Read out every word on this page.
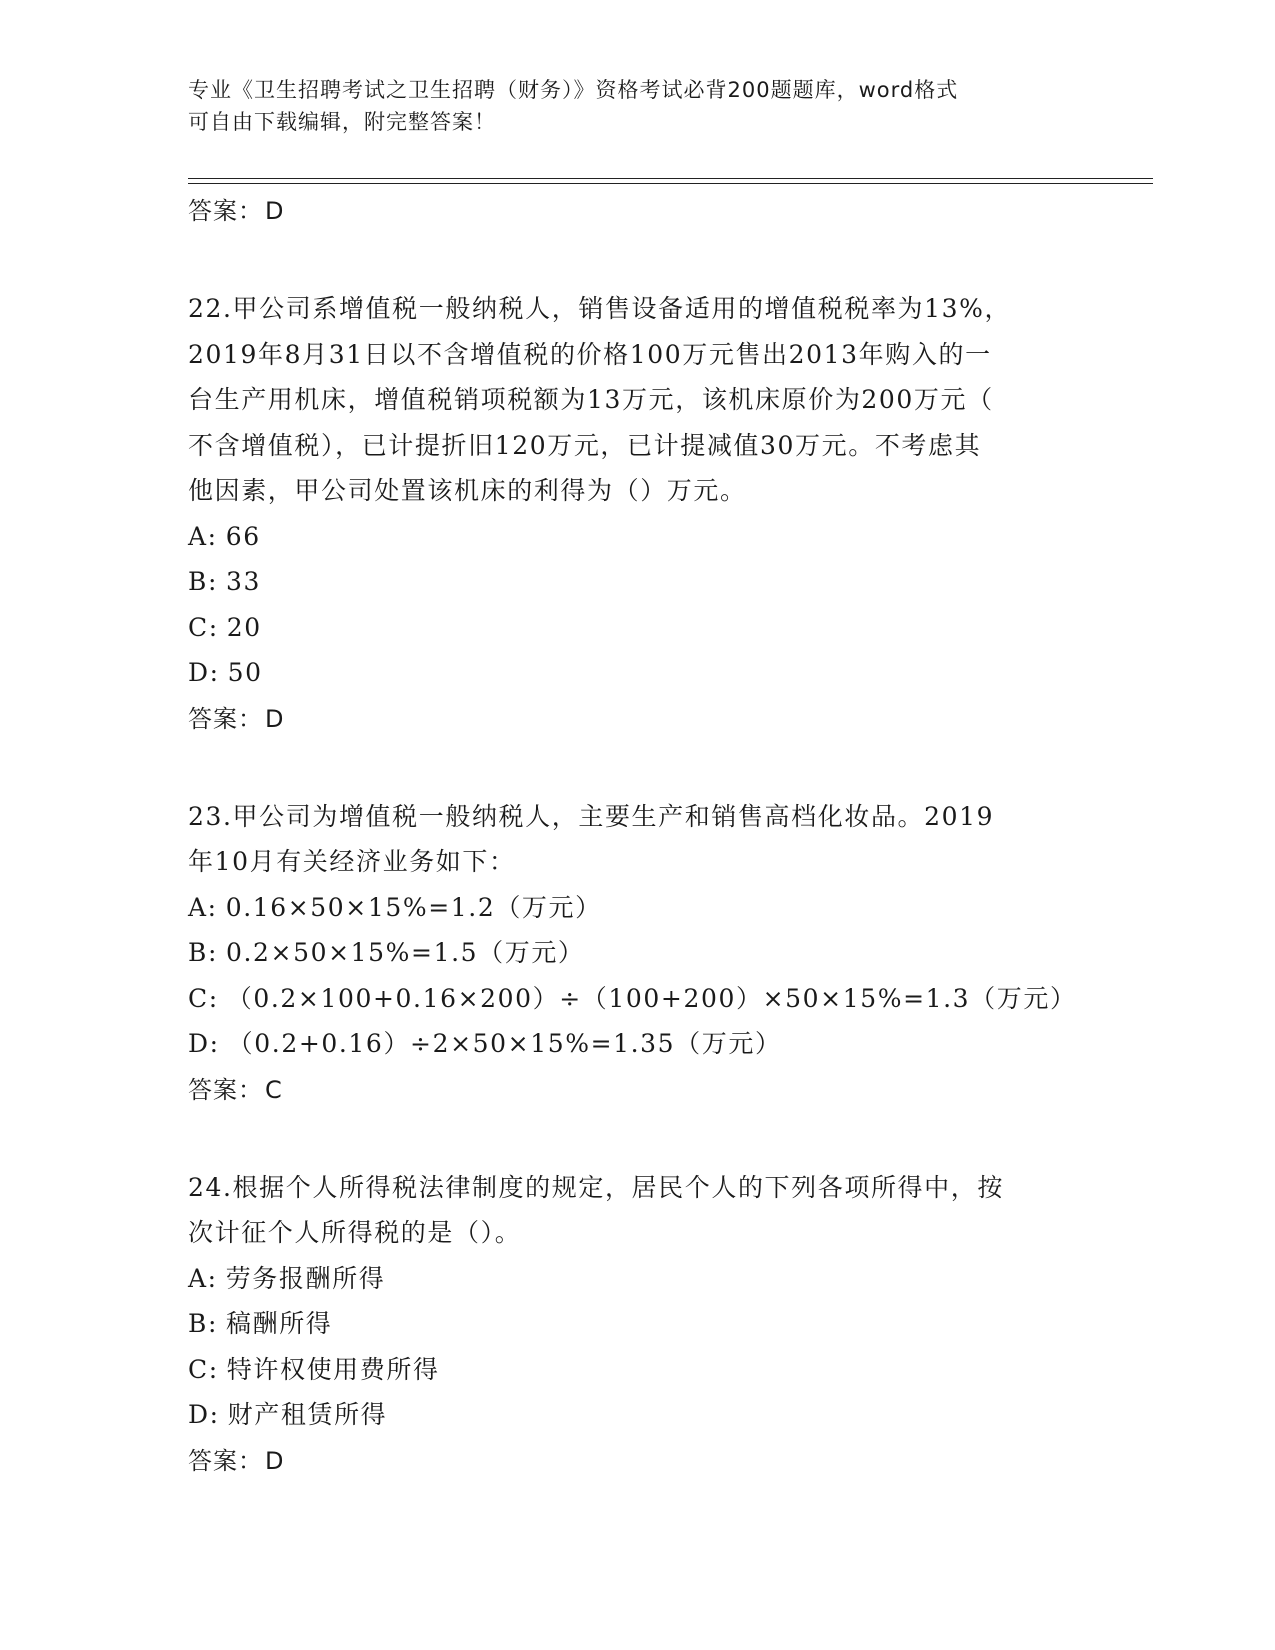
专业《卫生招聘考试之卫生招聘（财务）》资格考试必背200题题库，word格式
可自由下载编辑，附完整答案！
答案：D
22.甲公司系增值税一般纳税人，销售设备适用的增值税税率为13%，
2019年8月31日以不含增值税的价格100万元售出2013年购入的一
台生产用机床，增值税销项税额为13万元，该机床原价为200万元（
不含增值税），已计提折旧120万元，已计提减值30万元。不考虑其
他因素，甲公司处置该机床的利得为（）万元。
A: 66
B: 33
C: 20
D: 50
答案：D
23.甲公司为增值税一般纳税人，主要生产和销售高档化妆品。2019
年10月有关经济业务如下：
A: 0.16×50×15%=1.2（万元）
B: 0.2×50×15%=1.5（万元）
C: （0.2×100+0.16×200）÷（100+200）×50×15%=1.3（万元）
D: （0.2+0.16）÷2×50×15%=1.35（万元）
答案：C
24.根据个人所得税法律制度的规定，居民个人的下列各项所得中，按
次计征个人所得税的是（）。
A: 劳务报酬所得
B: 稿酬所得
C: 特许权使用费所得
D: 财产租赁所得
答案：D
